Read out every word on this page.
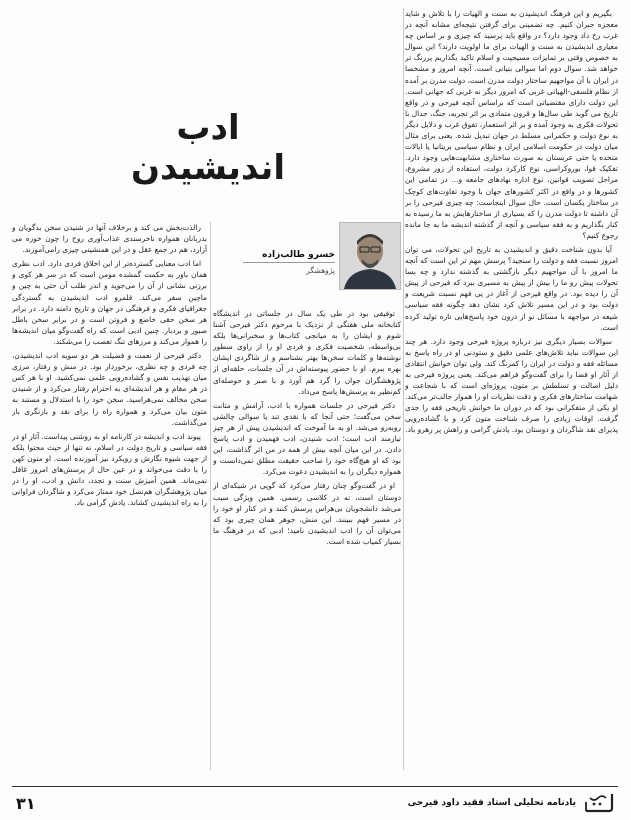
بگیریم و این فرهنگ اندیشیدن به سنت و الهیات را با تلاش و شاید معجزه جبران کنیم. چه تضمینی برای گرفتن نتیجه‌ای مشابه آنچه در غرب رخ داد وجود دارد؟ در واقع باید پرسید که چیزی و بر اساس چه معیاری اندیشیدن به سنت و الهیات برای ما اولویت دارند؟ این سوال به خصوص وقتی بر تمایزات مسیحیت و اسلام تاکید بگذاریم پررنگ تر خواهد شد. سوال دوم اما سوالی بنیانی است. آنچه امروز و مشخصا در ایران با آن مواجهیم ساختار دولت مدرن است، دولت مدرن بر آمده از نظام فلسفی-الهیاتی غربی که امروز دیگر نه غربی که جهانی است. این دولت دارای مقتضیاتی است که براساس آنچه فیرحی و در واقع تاریخ می گوید طی سال‌ها و قرون متمادی بر اثر تجربه، جنگ، جدال با تحولات فکری به وجود آمده و بر اثر استعمار، تفوق غرب و دلایل دیگر به نوع دولت و حکمرانی مسلط در جهان تبدیل شده. یعنی برای مثال میان دولت در حکومت اسلامی ایران و نظام سیاسی بریتانیا یا ایالات متحده یا حتی عربستان به صورت ساختاری مشابهت‌هایی وجود دارد. تفکیک قوا، بوروکراسی، نوع کارکرد دولت، استفاده از زور مشروع، مراحل تصویب قوانین، نوع اداره نهادهای جامعه و... در تمامی این کشورها و در واقع در اکثر کشورهای جهان با وجود تفاوت‌های کوچک در ساختار یکسان است. حال سوال اینجاست: چه چیزی فیرحی را بر آن داشته تا دولت مدرن را که بسیاری از ساختارهایش به ما رسیده به کنار بگذاریم و به فقه سیاسی و آنچه از گذشته اندیشه ما به جا مانده رجوع کنیم؟

آیا بدون شناخت دقیق و اندیشیدن به تاریخ این تحولات، می توان امروز نسبت فقه و دولت را سنجید؟ پرسش مهم تر این است که آنچه ما امروز با آن مواجهیم دیگر بازگشتی به گذشته ندارد و چه بسا تحولات پیش رو ما را بیش از پیش به مسیری ببرد که فیرحی از پیش آن را دیده بود. در واقع فیرحی از آغاز در پی فهم نسبت شریعت و دولت بود و در این مسیر تلاش کرد نشان دهد چگونه فقه سیاسی شیعه در مواجهه با مسائل نو از درون خود پاسخ‌هایی تازه تولید کرده است.

سوالات بسیار دیگری نیز درباره پروژه فیرحی وجود دارد. هر چند این سوالات نباید تلاش‌های علمی دقیق و ستودنی او در راه پاسخ به مسائله فقه و دولت در ایران را کمرنگ کند. ولی توان خوانش انتقادی از آثار او فضا را برای گفت‌وگو فراهم می‌کند. یعنی پروژه فیرحی به دلیل اصالت و تسلطش بر متون، پروژه‌ای است که با شجاعت و شهامت ساختارهای فکری و دقت نظریات او را هموار جالب‌تر می‌کند. او یکی از متفکرانی بود که در دوران ما خوانش تاریخی فقه را جدی گرفت. اوقات زیادی را صرف شناخت متون کرد و با گشاده‌رویی پذیرای نقد شاگردان و دوستان بود. یادش گرامی و راهش پر رهرو باد.

ادب اندیشیدن
خسرو طالب‌زاده
پژوهشگر

توفیقی بود در طی یک سال در جلساتی در اندیشگاه کتابخانه ملی هفتگی از نزدیک با مرحوم دکتر فیرحی آشنا شوم و ایشان را به میانجی کتاب‌ها و سخنرانی‌ها بلکه بی‌واسطه، شخصیت فکری و فردی او را از راوی سطور نوشته‌ها و کلمات سخن‌ها بهتر بشناسم و از شاگردی ایشان بهره ببرم. او با حضور پیوسته‌اش در آن جلسات، حلقه‌ای از پژوهشگران جوان را گرد هم آورد و با صبر و حوصله‌ای کم‌نظیر به پرسش‌ها پاسخ می‌داد.

دکتر فیرحی در جلسات همواره با ادب، آرامش و متانت سخن می‌گفت؛ حتی آنجا که با نقدی تند یا سوالی چالشی روبه‌رو می‌شد. او به ما آموخت که اندیشیدن پیش از هر چیز نیازمند ادب است؛ ادب شنیدن، ادب فهمیدن و ادب پاسخ دادن. در این میان آنچه بیش از همه در من اثر گذاشت، این بود که او هیچ‌گاه خود را صاحب حقیقت مطلق نمی‌دانست و همواره دیگران را به اندیشیدن دعوت می‌کرد.

او در گفت‌وگو چنان رفتار می‌کرد که گویی در شبکه‌ای از دوستان است، نه در کلاسی رسمی. همین ویژگی سبب می‌شد دانشجویان بی‌هراس پرسش کنند و در کنار او خود را در مسیر فهم ببینند. این منش، جوهر همان چیزی بود که می‌توان آن را ادب اندیشیدن نامید؛ ادبی که در فرهنگ ما بسیار کمیاب شده است.

رالذت‌بخش می کند و برخلاف آنها در شنیدن سخن بدگویان و بدزبانان همواره ناخرسندی عذاب‌آوری روح را چون خوره می آزارد، هم در جمع عقل و در این همنشینی چیزی رامی‌آموزند.

اما ادب معنایی گسترده‌تر از این اخلاق فردی دارد. ادب نظری همان باور به حکمت گمشده مومن است که در سر هر کوی و برزنی نشانی از آن را می‌جوید و اندر طلب آن حتی به چین و ماچین سفر می‌کند. قلمرو ادب اندیشیدن به گستردگی جغرافیای فکری و فرهنگی در جهان و تاریخ دامنه دارد. در برابر هر سخن حقی خاضع و فروتن است و در برابر سخن باطل صبور و بردبار. چنین ادبی است که راه گفت‌وگو میان اندیشه‌ها را هموار می‌کند و مرزهای تنگ تعصب را می‌شکند.

دکتر فیرحی از نعمت و فضیلت هر دو سویه ادب اندیشیدن، چه فردی و چه نظری، برخوردار بود. در منش و رفتار، مرزی میان تهذیب نفس و گشاده‌رویی علمی نمی‌کشید. او با هر کس در هر مقام و هر اندیشه‌ای به احترام رفتار می‌کرد و از شنیدن سخن مخالف نمی‌هراسید. سخن خود را با استدلال و مستند به متون بیان می‌کرد و همواره راه را برای نقد و بازنگری باز می‌گذاشت.

پیوند ادب و اندیشه در کارنامه او به روشنی پیداست. آثار او در فقه سیاسی و تاریخ دولت در اسلام، نه تنها از حیث محتوا بلکه از جهت شیوه نگارش و رویکرد نیز آموزنده است. او متون کهن را با دقت می‌خواند و در عین حال از پرسش‌های امروز غافل نمی‌ماند. همین آمیزش سنت و تجدد، دانش و ادب، او را در میان پژوهشگران هم‌نسل خود ممتاز می‌کرد و شاگردان فراوانی را به راه اندیشیدن کشاند. یادش گرامی باد.

۳۱	یادنامه تحلیلی استاد فقید داود فیرحی
